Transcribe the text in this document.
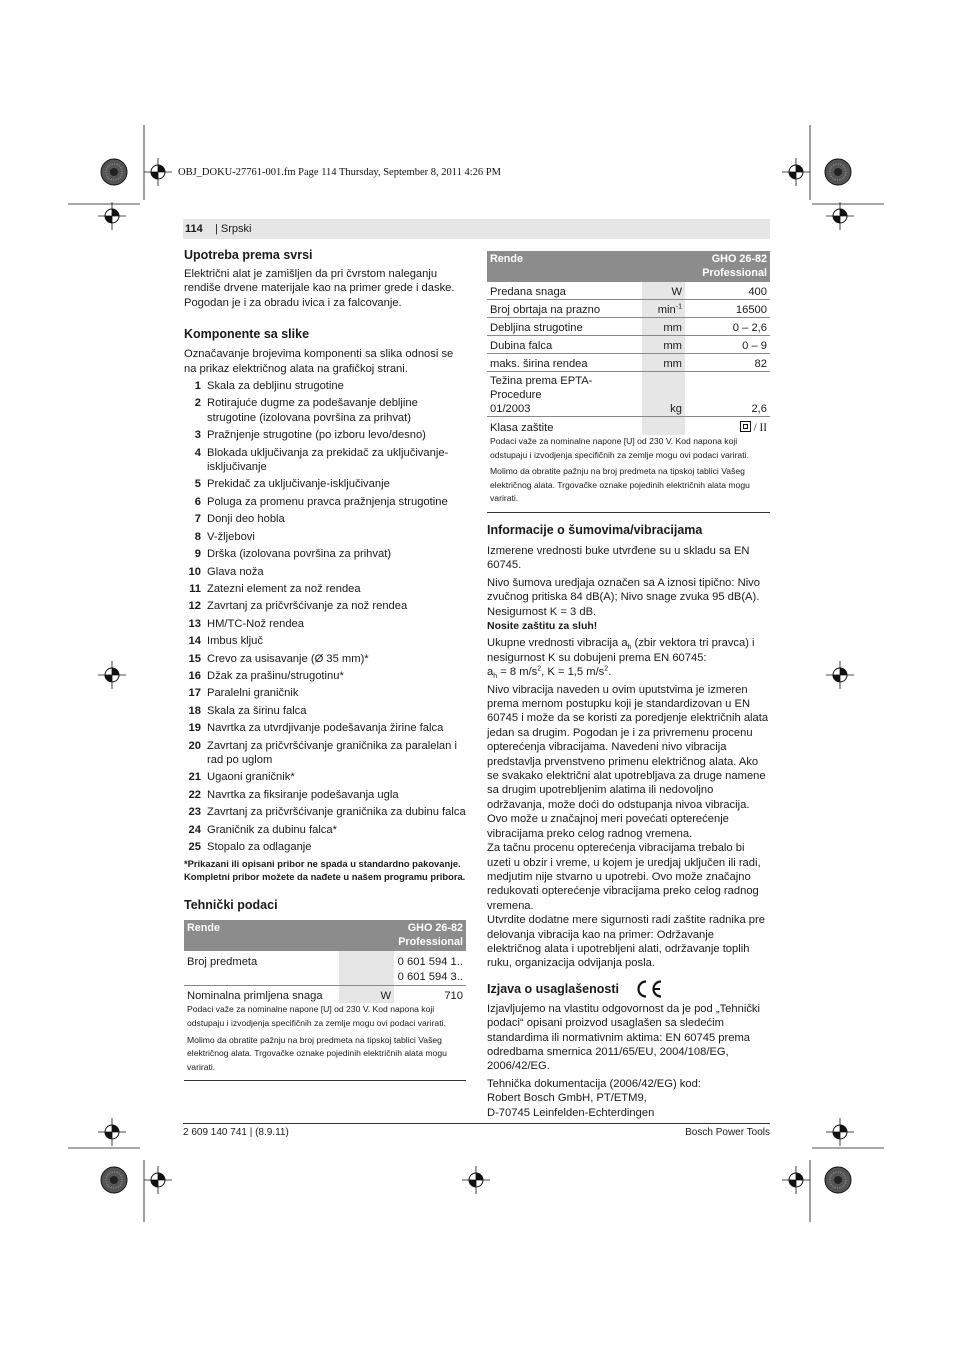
OBJ_DOKU-27761-001.fm Page 114 Thursday, September 8, 2011 4:26 PM
114 | Srpski
Upotreba prema svrsi

Električni alat je zamišljen da pri čvrstom naleganju rendiše drvene materijale kao na primer grede i daske. Pogodan je i za obradu ivica i za falcovanje.

Komponente sa slike

Označavanje brojevima komponenti sa slika odnosi se na prikaz električnog alata na grafičkoj strani.

1 Skala za debljinu strugotine
2 Rotirajuće dugme za podešavanje debljine strugotine (izolovana površina za prihvat)
3 Pražnjenje strugotine (po izboru levo/desno)
4 Blokada uključivanja za prekidač za uključivanje-isključivanje
5 Prekidač za uključivanje-isključivanje
6 Poluga za promenu pravca pražnjenja strugotine
7 Donji deo hobla
8 V-žljebovi
9 Drška (izolovana površina za prihvat)
10 Glava noža
11 Zatezni element za nož rendea
12 Zavrtanj za pričvršćivanje za nož rendea
13 HM/TC-Nož rendea
14 Imbus ključ
15 Crevo za usisavanje (Ø 35 mm)*
16 Džak za prašinu/strugotinu*
17 Paralelni graničnik
18 Skala za širinu falca
19 Navrtka za utvrdjivanje podešavanja žirine falca
20 Zavrtanj za pričvršćivanje graničnika za paralelan i rad po uglom
21 Ugaoni graničnik*
22 Navrtka za fiksiranje podešavanja ugla
23 Zavrtanj za pričvršćivanje graničnika za dubinu falca
24 Graničnik za dubinu falca*
25 Stopalo za odlaganje

*Prikazani ili opisani pribor ne spada u standardno pakovanje. Kompletni pribor možete da nađete u našem programu pribora.

Tehnički podaci
Rende		GHO 26-82
Professional
Broj predmeta		0 601 594 1..
0 601 594 3..
Nominalna primljena snaga	W	710

Podaci važe za nominalne napone [U] od 230 V. Kod napona koji odstupaju i izvodjenja specifičnih za zemlje mogu ovi podaci varirati.

Molimo da obratite pažnju na broj predmeta na tipskoj tablici Vašeg električnog alata. Trgovačke oznake pojedinih električnih alata mogu varirati.		

Rende		GHO 26-82
Professional
Predana snaga	W	400
Broj obrtaja na prazno	$\min^{-1}$	16500
Debljina strugotine	mm	0 – 2,6
Dubina falca	mm	0 – 9
maks. širina rendea	mm	82
Težina prema EPTA-Procedure
01/2003	kg	2,6
Klasa zaštite		/ II

Podaci važe za nominalne napone [U] od 230 V. Kod napona koji odstupaju i izvodjenja specifičnih za zemlje mogu ovi podaci varirati.

Molimo da obratite pažnju na broj predmeta na tipskoj tablici Vašeg električnog alata. Trgovačke oznake pojedinih električnih alata mogu varirati.		

Informacije o šumovima/vibracijama

Izmerene vrednosti buke utvrđene su u skladu sa EN 60745.

Nivo šumova uredjaja označen sa A iznosi tipično: Nivo zvučnog pritiska 84 dB(A); Nivo snage zvuka 95 dB(A). Nesigurnost K = 3 dB.

Nosite zaštitu za sluh!

Ukupne vrednosti vibracija $a_h$ (zbir vektora tri pravca) i nesigurnost K su dobujeni prema EN 60745:
$a_h = 8$ $m/s^2$, K = 1,5 $m/s^2$.

Nivo vibracija naveden u ovim uputstvima je izmeren prema mernom postupku koji je standardizovan u EN 60745 i može da se koristi za poredjenje električnih alata jedan sa drugim. Pogodan je i za privremenu procenu opterećenja vibracijama. Navedeni nivo vibracija predstavlja prvenstveno primenu električnog alata. Ako se svakako električni alat upotrebljava za druge namene sa drugim upotrebljenim alatima ili nedovoljno održavanja, može doći do odstupanja nivoa vibracija. Ovo može u značajnoj meri povećati opterećenje vibracijama preko celog radnog vremena.

Za tačnu procenu opterećenja vibracijama trebalo bi uzeti u obzir i vreme, u kojem je uredjaj uključen ili radi, medjutim nije stvarno u upotrebi. Ovo može značajno redukovati opterećenje vibracijama preko celog radnog vremena.

Utvrdite dodatne mere sigurnosti radi zaštite radnika pre delovanja vibracija kao na primer: Održavanje električnog alata i upotrebljeni alati, održavanje toplih ruku, organizacija odvijanja posla.

Izjava o usaglašenosti

Izjavljujemo na vlastitu odgovornost da je pod „Tehnički podaci“ opisani proizvod usaglašen sa sledećim standardima ili normativnim aktima: EN 60745 prema odredbama smernica 2011/65/EU, 2004/108/EG, 2006/42/EG.

Tehnička dokumentacija (2006/42/EG) kod:
Robert Bosch GmbH, PT/ETM9,
D-70745 Leinfelden-Echterdingen

2 609 140 741 | (8.9.11)	Bosch Power Tools
